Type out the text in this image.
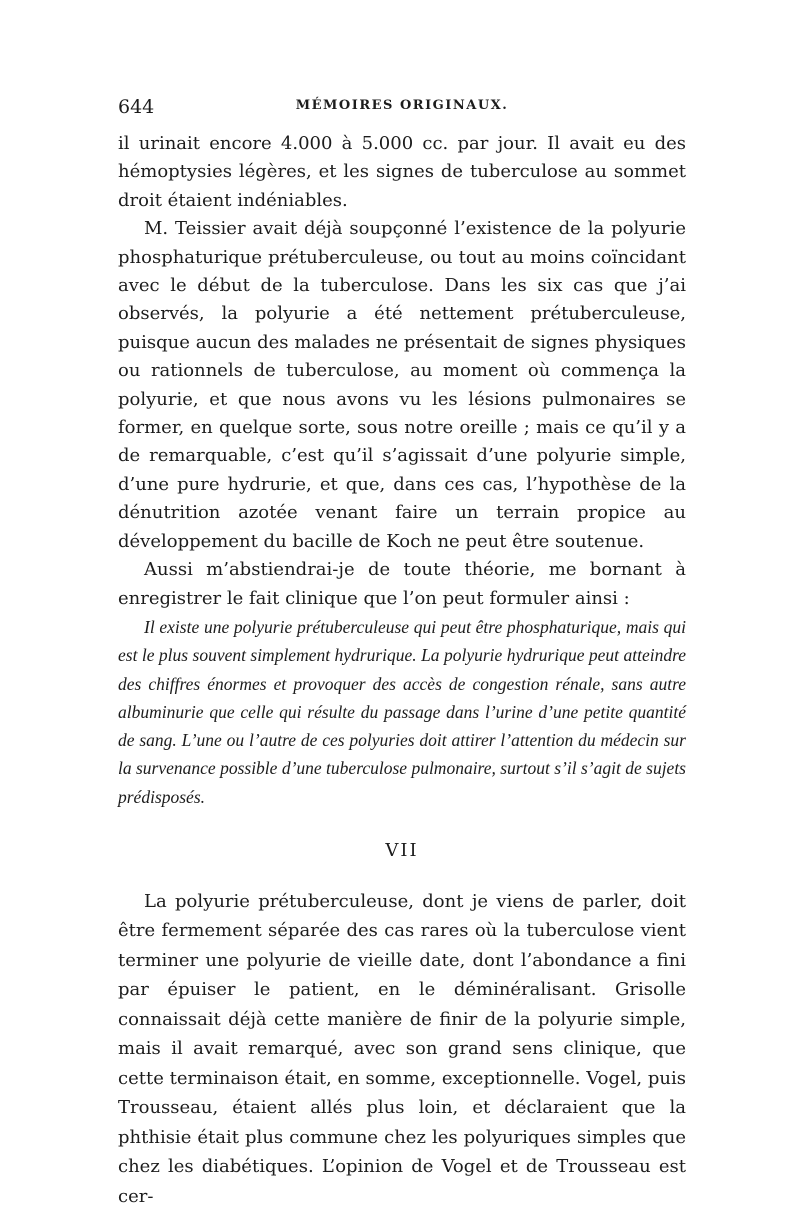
644	MÉMOIRES ORIGINAUX.

il urinait encore 4.000 à 5.000 cc. par jour. Il avait eu des hémoptysies légères, et les signes de tuberculose au sommet droit étaient indéniables.

M. Teissier avait déjà soupçonné l’existence de la polyurie phosphaturique prétuberculeuse, ou tout au moins coïncidant avec le début de la tuberculose. Dans les six cas que j’ai observés, la polyurie a été nettement prétuberculeuse, puisque aucun des malades ne présentait de signes physiques ou rationnels de tuberculose, au moment où commença la polyurie, et que nous avons vu les lésions pulmonaires se former, en quelque sorte, sous notre oreille ; mais ce qu’il y a de remarquable, c’est qu’il s’agissait d’une polyurie simple, d’une pure hydrurie, et que, dans ces cas, l’hypothèse de la dénutrition azotée venant faire un terrain propice au développement du bacille de Koch ne peut être soutenue.

Aussi m’abstiendrai-je de toute théorie, me bornant à enregistrer le fait clinique que l’on peut formuler ainsi :

Il existe une polyurie prétuberculeuse qui peut être phosphaturique, mais qui est le plus souvent simplement hydrurique. La polyurie hydrurique peut atteindre des chiffres énormes et provoquer des accès de congestion rénale, sans autre albuminurie que celle qui résulte du passage dans l’urine d’une petite quantité de sang. L’une ou l’autre de ces polyuries doit attirer l’attention du médecin sur la survenance possible d’une tuberculose pulmonaire, surtout s’il s’agit de sujets prédisposés.

VII

La polyurie prétuberculeuse, dont je viens de parler, doit être fermement séparée des cas rares où la tuberculose vient terminer une polyurie de vieille date, dont l’abondance a fini par épuiser le patient, en le déminéralisant. Grisolle connaissait déjà cette manière de finir de la polyurie simple, mais il avait remarqué, avec son grand sens clinique, que cette terminaison était, en somme, exceptionnelle. Vogel, puis Trousseau, étaient allés plus loin, et déclaraient que la phthisie était plus commune chez les polyuriques simples que chez les diabétiques. L’opinion de Vogel et de Trousseau est cer-
